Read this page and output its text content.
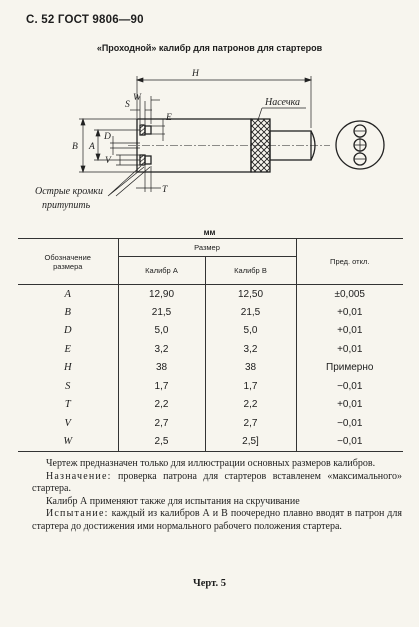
С. 52 ГОСТ 9806—90
«Проходной» калибр для патронов для стартеров
H
S
W
E
B A
D
V
T
Насечка
Острые кромки
притупить
мм
Обозначение размера	Размер		Пред. откл.
	Калибр А	Калибр В	
A	12,90	12,50	±0,005
B	21,5	21,5	+0,01
D	5,0	5,0	+0,01
E	3,2	3,2	+0,01
H	38	38	Примерно
S	1,7	1,7	−0,01
T	2,2	2,2	+0,01
V	2,7	2,7	−0,01
W	2,5	2,5]	−0,01

Чертеж предназначен только для иллюстрации основных размеров калибров.

Назначение: проверка патрона для стартеров вставленем «максимального» стартера.

Калибр А применяют также для испытания на скручивание

Испытание: каждый из калибров А и В поочередно плавно вводят в патрон для стартера до достижения ими нормального рабочего положения стартера.

Черт. 5
